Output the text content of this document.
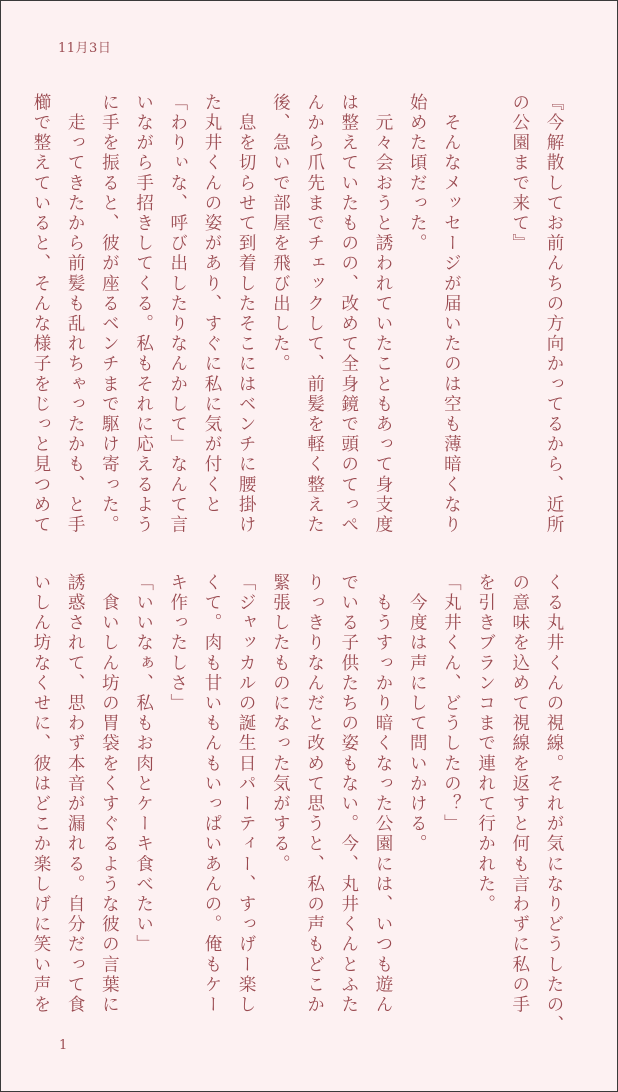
11月3日
『今解散してお前んちの方向かってるから、近所
の公園まで来て』
　そんなメッセージが届いたのは空も薄暗くなり
始めた頃だった。
　元々会おうと誘われていたこともあって身支度
は整えていたものの、改めて全身鏡で頭のてっぺ
んから爪先までチェックして、前髪を軽く整えた
後、急いで部屋を飛び出した。
　息を切らせて到着したそこにはベンチに腰掛け
た丸井くんの姿があり、すぐに私に気が付くと
「わりぃな、呼び出したりなんかして」なんて言
いながら手招きしてくる。私もそれに応えるよう
に手を振ると、彼が座るベンチまで駆け寄った。
　走ってきたから前髪も乱れちゃったかも、と手
櫛で整えていると、そんな様子をじっと見つめて
くる丸井くんの視線。それが気になりどうしたの、
の意味を込めて視線を返すと何も言わずに私の手
を引きブランコまで連れて行かれた。
「丸井くん、どうしたの？」
　今度は声にして問いかける。
　もうすっかり暗くなった公園には、いつも遊ん
でいる子供たちの姿もない。今、丸井くんとふた
りっきりなんだと改めて思うと、私の声もどこか
緊張したものになった気がする。
「ジャッカルの誕生日パーティー、すっげー楽し
くて。肉も甘いもんもいっぱいあんの。俺もケー
キ作ったしさ」
「いいなぁ、私もお肉とケーキ食べたい」
　食いしん坊の胃袋をくすぐるような彼の言葉に
誘惑されて、思わず本音が漏れる。自分だって食
いしん坊なくせに、彼はどこか楽しげに笑い声を
1
